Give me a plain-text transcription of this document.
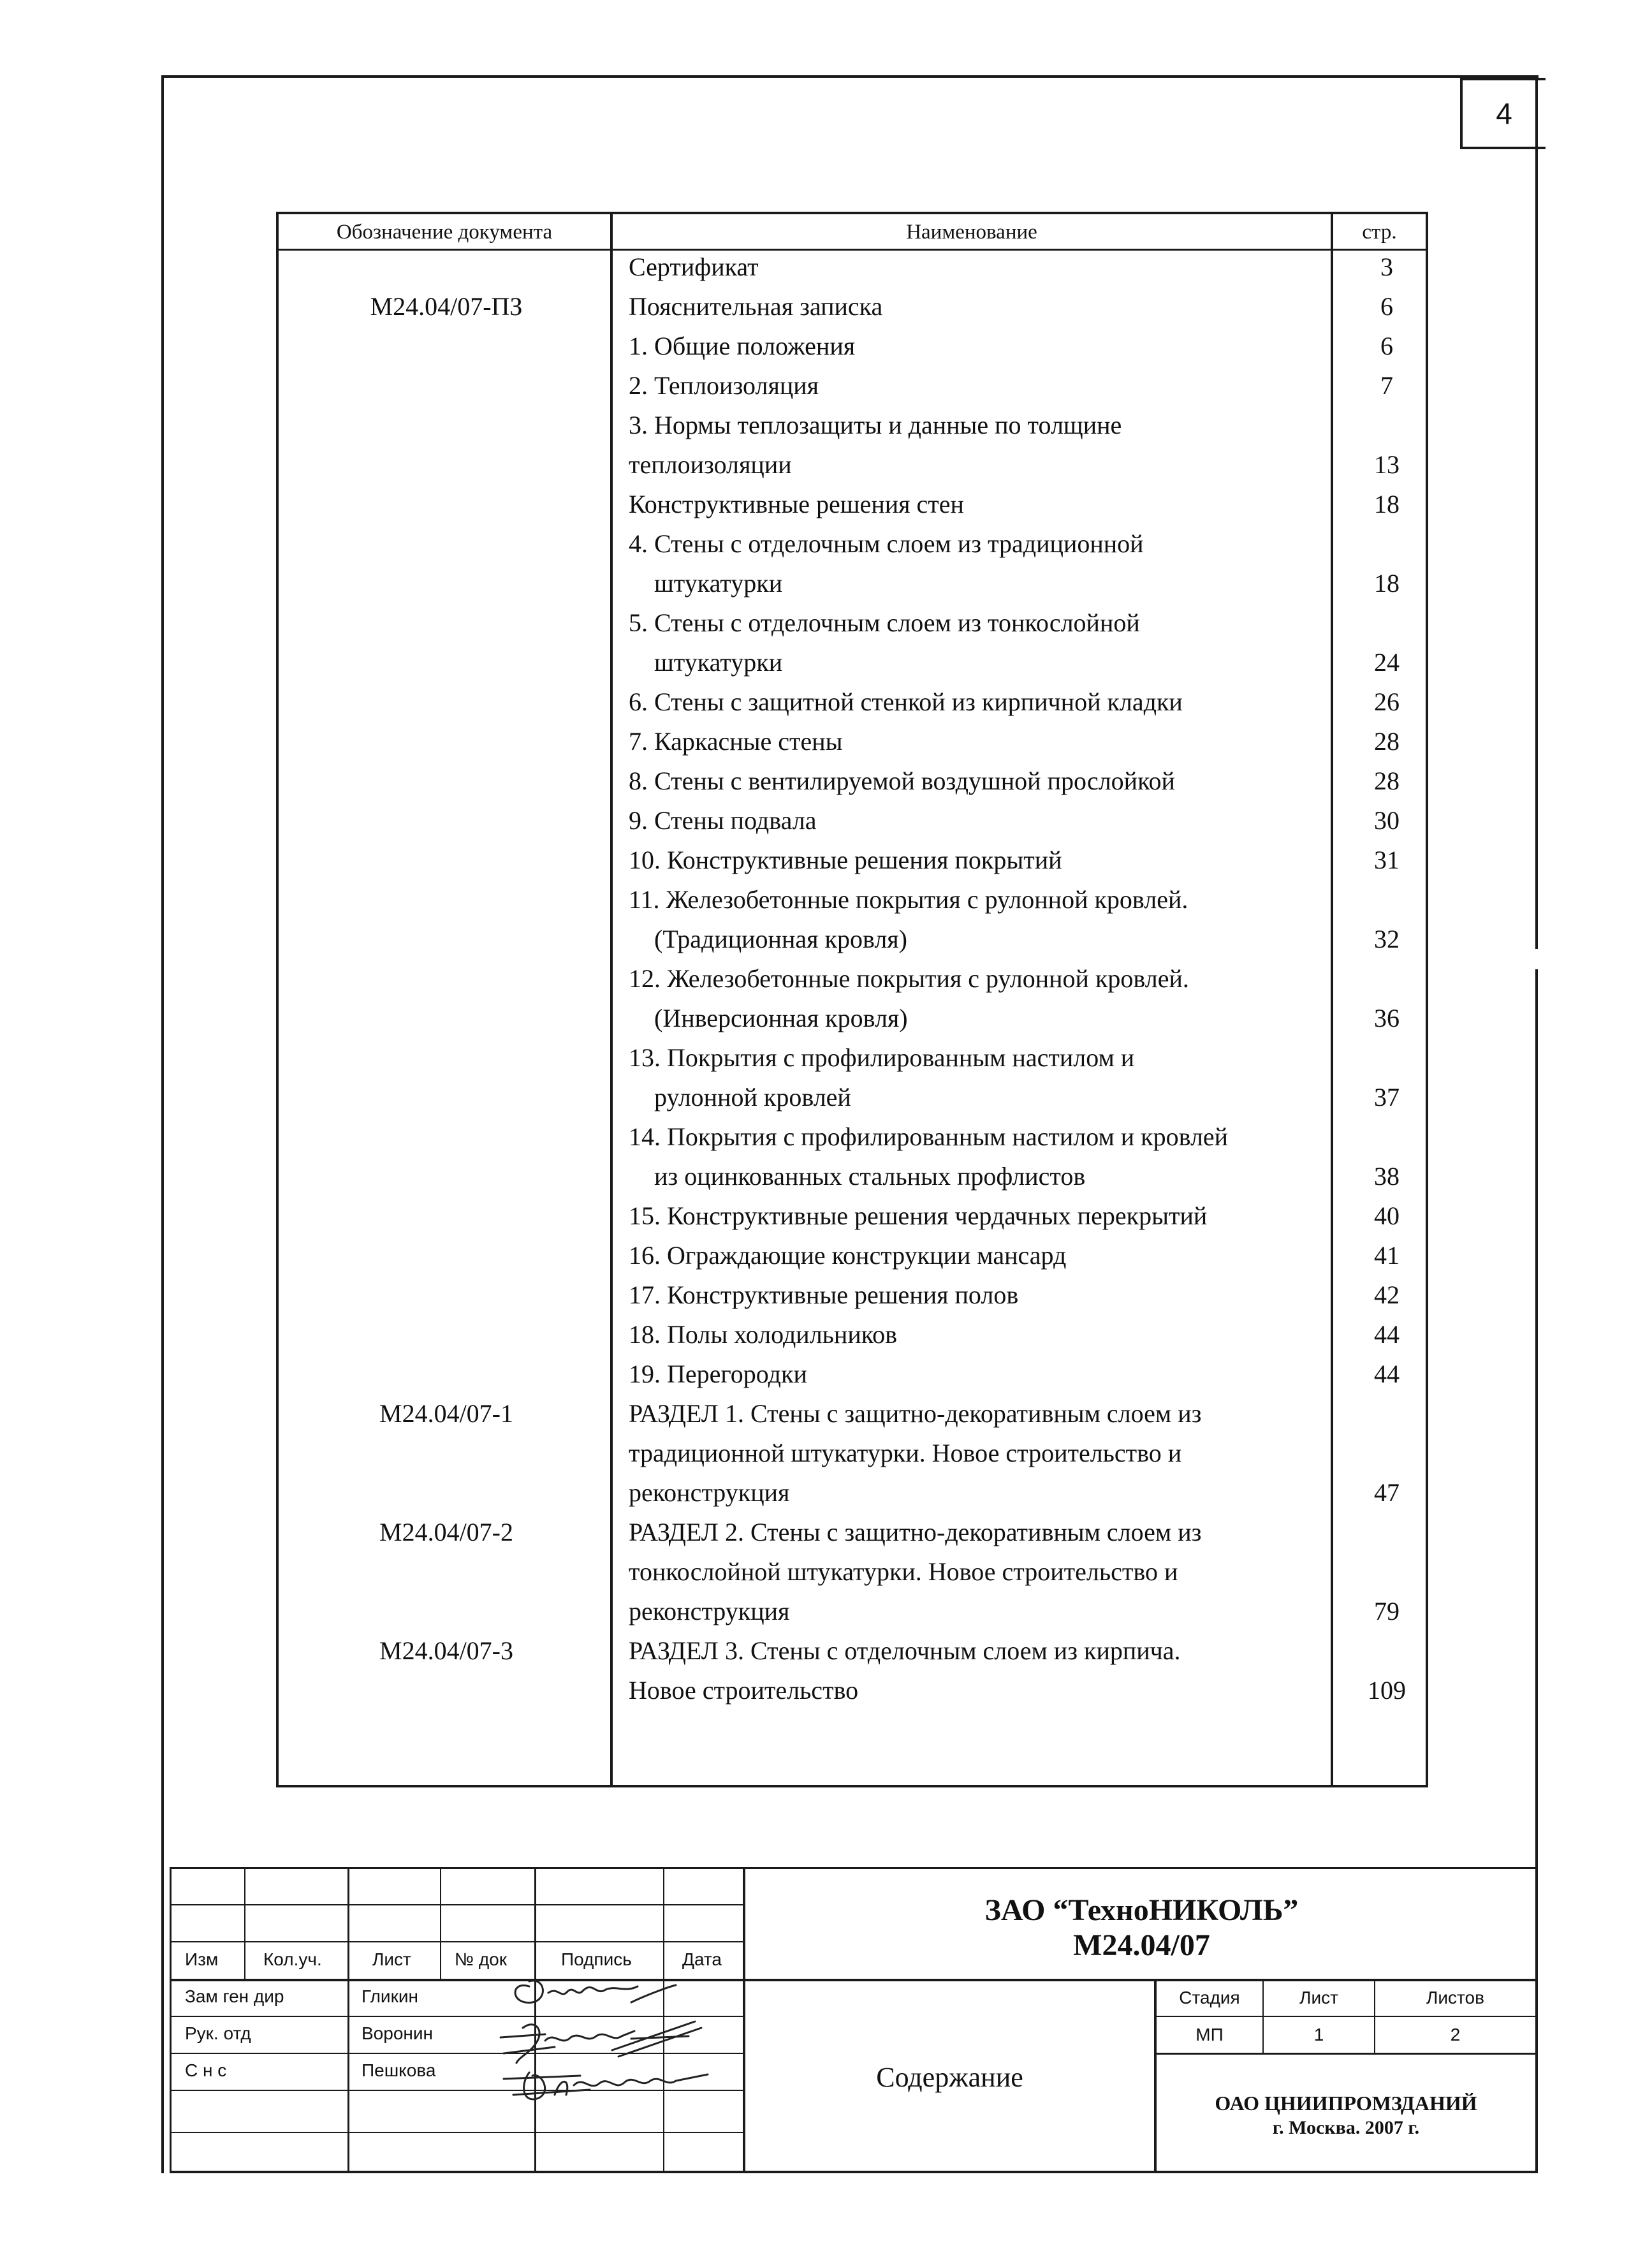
4
Обозначение документа	Наименование	стр.
Сертификат	3
М24.04/07-ПЗ	Пояснительная записка	6
1. Общие положения	6
2. Теплоизоляция	7
3. Нормы теплозащиты и данные по толщине
теплоизоляции	13
Конструктивные решения стен	18
4. Стены с отделочным слоем из традиционной
штукатурки	18
5. Стены с отделочным слоем из тонкослойной
штукатурки	24
6. Стены с защитной стенкой из кирпичной кладки	26
7. Каркасные стены	28
8. Стены с вентилируемой воздушной прослойкой	28
9. Стены подвала	30
10. Конструктивные решения покрытий	31
11. Железобетонные покрытия с рулонной кровлей.
(Традиционная кровля)	32
12. Железобетонные покрытия с рулонной кровлей.
(Инверсионная кровля)	36
13. Покрытия с профилированным настилом и
рулонной кровлей	37
14. Покрытия с профилированным настилом и кровлей
из оцинкованных стальных профлистов	38
15. Конструктивные решения чердачных перекрытий	40
16. Ограждающие конструкции мансард	41
17. Конструктивные решения полов	42
18. Полы холодильников	44
19. Перегородки	44
М24.04/07-1	РАЗДЕЛ 1. Стены с защитно-декоративным слоем из
традиционной штукатурки. Новое строительство и
реконструкция	47
М24.04/07-2	РАЗДЕЛ 2. Стены с защитно-декоративным слоем из
тонкослойной штукатурки. Новое строительство и
реконструкция	79
М24.04/07-3	РАЗДЕЛ 3. Стены с отделочным слоем из кирпича.
Новое строительство	109
Изм	Кол.уч.	Лист № док	Подпись	Дата
Зам ген дир	Гликин
Рук. отд	Воронин
С н с	Пешкова
ЗАО “ТехноНИКОЛЬ”
М24.04/07
Содержание
Стадия	Лист	Листов
МП	1	2
ОАО ЦНИИПРОМЗДАНИЙ
г. Москва. 2007 г.
